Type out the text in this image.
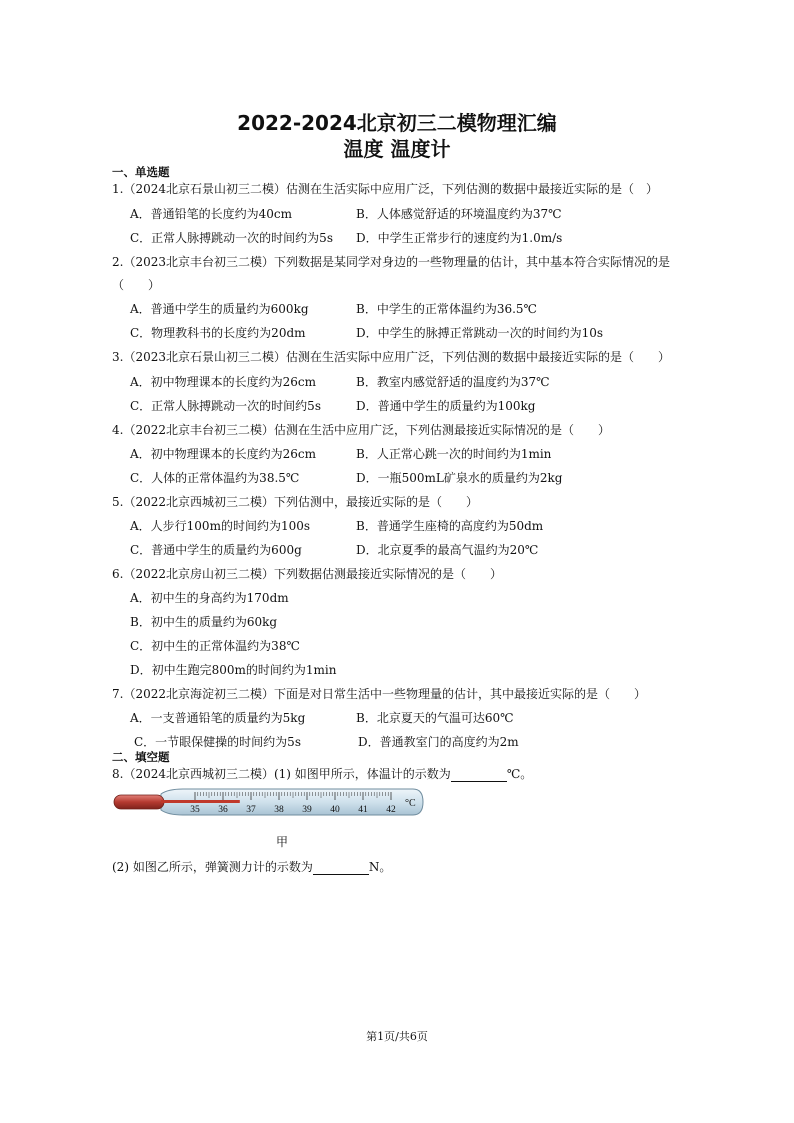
2022-2024北京初三二模物理汇编
温度 温度计
一、单选题
1.（2024北京石景山初三二模）估测在生活实际中应用广泛，下列估测的数据中最接近实际的是（　）
A．普通铅笔的长度约为40cm	B．人体感觉舒适的环境温度约为37℃
C．正常人脉搏跳动一次的时间约为5s D．中学生正常步行的速度约为1.0m/s
2.（2023北京丰台初三二模）下列数据是某同学对身边的一些物理量的估计，其中基本符合实际情况的是
（　　）
A．普通中学生的质量约为600kg	B．中学生的正常体温约为36.5℃
C．物理教科书的长度约为20dm	D．中学生的脉搏正常跳动一次的时间约为10s
3.（2023北京石景山初三二模）估测在生活实际中应用广泛，下列估测的数据中最接近实际的是（　　）
A．初中物理课本的长度约为26cm	B．教室内感觉舒适的温度约为37℃
C．正常人脉搏跳动一次的时间约5s	D．普通中学生的质量约为100kg
4.（2022北京丰台初三二模）估测在生活中应用广泛，下列估测最接近实际情况的是（　　）
A．初中物理课本的长度约为26cm	B．人正常心跳一次的时间约为1min
C．人体的正常体温约为38.5℃	D．一瓶500mL矿泉水的质量约为2kg
5.（2022北京西城初三二模）下列估测中，最接近实际的是（　　）
A．人步行100m的时间约为100s	B．普通学生座椅的高度约为50dm
C．普通中学生的质量约为600g	D．北京夏季的最高气温约为20℃
6.（2022北京房山初三二模）下列数据估测最接近实际情况的是（　　）
A．初中生的身高约为170dm
B．初中生的质量约为60kg
C．初中生的正常体温约为38℃
D．初中生跑完800m的时间约为1min
7.（2022北京海淀初三二模）下面是对日常生活中一些物理量的估计，其中最接近实际的是（　　）
A．一支普通铅笔的质量约为5kg	B．北京夏天的气温可达60℃
C．一节眼保健操的时间约为5s	D．普通教室门的高度约为2m
二、填空题
8.（2024北京西城初三二模）(1) 如图甲所示，体温计的示数为	℃。
35 36 37 38 39 40 41 42
°C
甲
(2) 如图乙所示，弹簧测力计的示数为	N。
第1页/共6页
